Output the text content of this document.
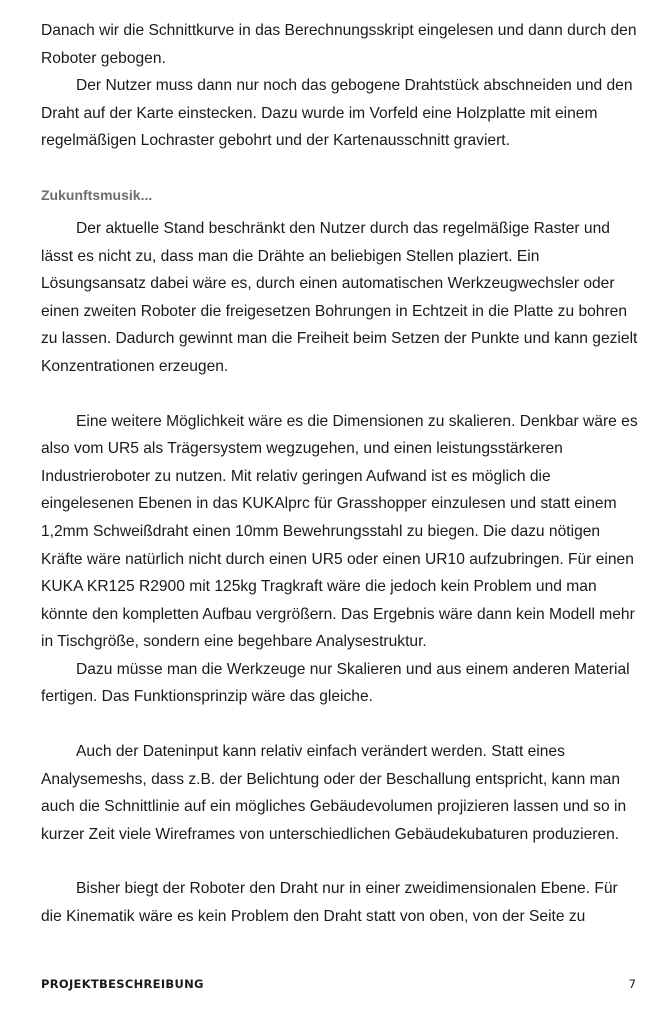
Danach wir die Schnittkurve in das Berechnungsskript eingelesen und dann durch den Roboter gebogen.

Der Nutzer muss dann nur noch das gebogene Drahtstück abschneiden und den Draht auf der Karte einstecken. Dazu wurde im Vorfeld eine Holzplatte mit einem regelmäßigen Lochraster gebohrt und der Kartenausschnitt graviert.

Zukunftsmusik...

Der aktuelle Stand beschränkt den Nutzer durch das regelmäßige Raster und lässt es nicht zu, dass man die Drähte an beliebigen Stellen plaziert. Ein Lösungsansatz dabei wäre es, durch einen automatischen Werkzeugwechsler oder einen zweiten Roboter die freigesetzen Bohrungen in Echtzeit in die Platte zu bohren zu lassen. Dadurch gewinnt man die Freiheit beim Setzen der Punkte und kann gezielt Konzentrationen erzeugen.

Eine weitere Möglichkeit wäre es die Dimensionen zu skalieren. Denkbar wäre es also vom UR5 als Trägersystem wegzugehen, und einen leistungsstärkeren Industrieroboter zu nutzen. Mit relativ geringen Aufwand ist es möglich die eingelesenen Ebenen in das KUKAlprc für Grasshopper einzulesen und statt einem 1,2mm Schweißdraht einen 10mm Bewehrungsstahl zu biegen. Die dazu nötigen Kräfte wäre natürlich nicht durch einen UR5 oder einen UR10 aufzubringen. Für einen KUKA KR125 R2900 mit 125kg Tragkraft wäre die jedoch kein Problem und man könnte den kompletten Aufbau vergrößern. Das Ergebnis wäre dann kein Modell mehr in Tischgröße, sondern eine begehbare Analysestruktur.

Dazu müsse man die Werkzeuge nur Skalieren und aus einem anderen Material fertigen. Das Funktionsprinzip wäre das gleiche.

Auch der Dateninput kann relativ einfach verändert werden. Statt eines Analysemeshs, dass z.B. der Belichtung oder der Beschallung entspricht, kann man auch die Schnittlinie auf ein mögliches Gebäudevolumen projizieren lassen und so in kurzer Zeit viele Wireframes von unterschiedlichen Gebäudekubaturen produzieren.

Bisher biegt der Roboter den Draht nur in einer zweidimensionalen Ebene. Für die Kinematik wäre es kein Problem den Draht statt von oben, von der Seite zu

PROJEKTBESCHREIBUNG	7
